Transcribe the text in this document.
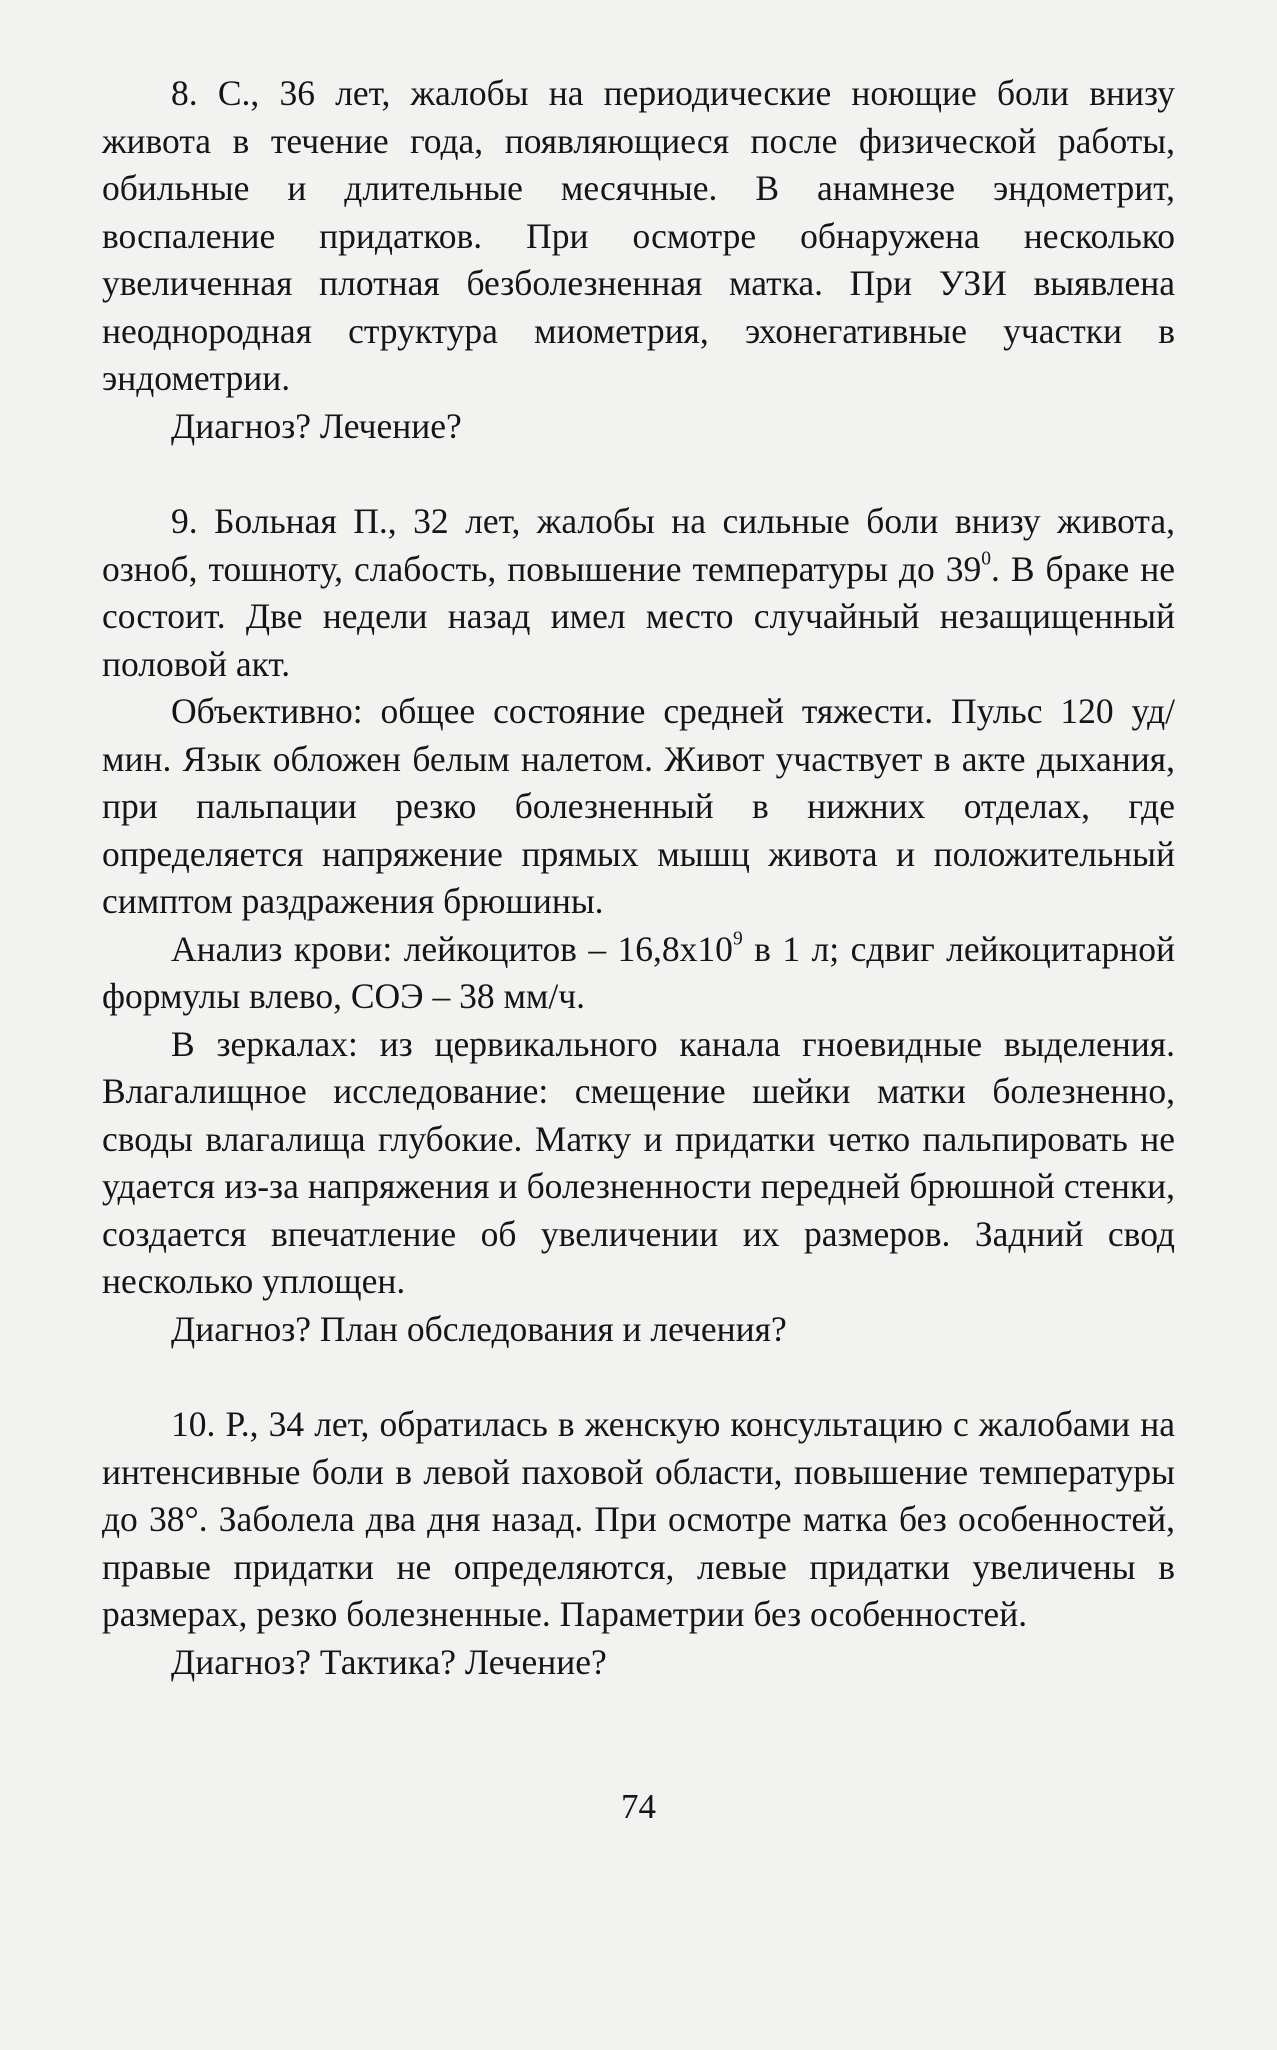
8. С., 36 лет, жалобы на периодические ноющие боли внизу живота в течение года, появляющиеся после физической работы, обильные и длительные месячные. В анамнезе эндометрит, воспаление придатков. При осмотре обнаружена несколько увеличенная плотная безболезненная матка. При УЗИ выявлена неоднородная структура миометрия, эхонегативные участки в эндометрии.

Диагноз? Лечение?

9. Больная П., 32 лет, жалобы на сильные боли внизу живота, озноб, тошноту, слабость, повышение температуры до $39^0$. В браке не состоит. Две недели назад имел место случайный незащищенный половой акт.

Объективно: общее состояние средней тяжести. Пульс 120 уд/мин. Язык обложен белым налетом. Живот участвует в акте дыхания, при пальпации резко болезненный в нижних отделах, где определяется напряжение прямых мышц живота и положительный симптом раздражения брюшины.

Анализ крови: лейкоцитов – $16,8х10^9$ в 1 л; сдвиг лейкоцитарной формулы влево, СОЭ – 38 мм/ч.

В зеркалах: из цервикального канала гноевидные выделения. Влагалищное исследование: смещение шейки матки болезненно, своды влагалища глубокие. Матку и придатки четко пальпировать не удается из-за напряжения и болезненности передней брюшной стенки, создается впечатление об увеличении их размеров. Задний свод несколько уплощен.

Диагноз? План обследования и лечения?

10. Р., 34 лет, обратилась в женскую консультацию с жалобами на интенсивные боли в левой паховой области, повышение температуры до 38°. Заболела два дня назад. При осмотре матка без особенностей, правые придатки не определяются, левые придатки увеличены в размерах, резко болезненные. Параметрии без особенностей.

Диагноз? Тактика? Лечение?

74
